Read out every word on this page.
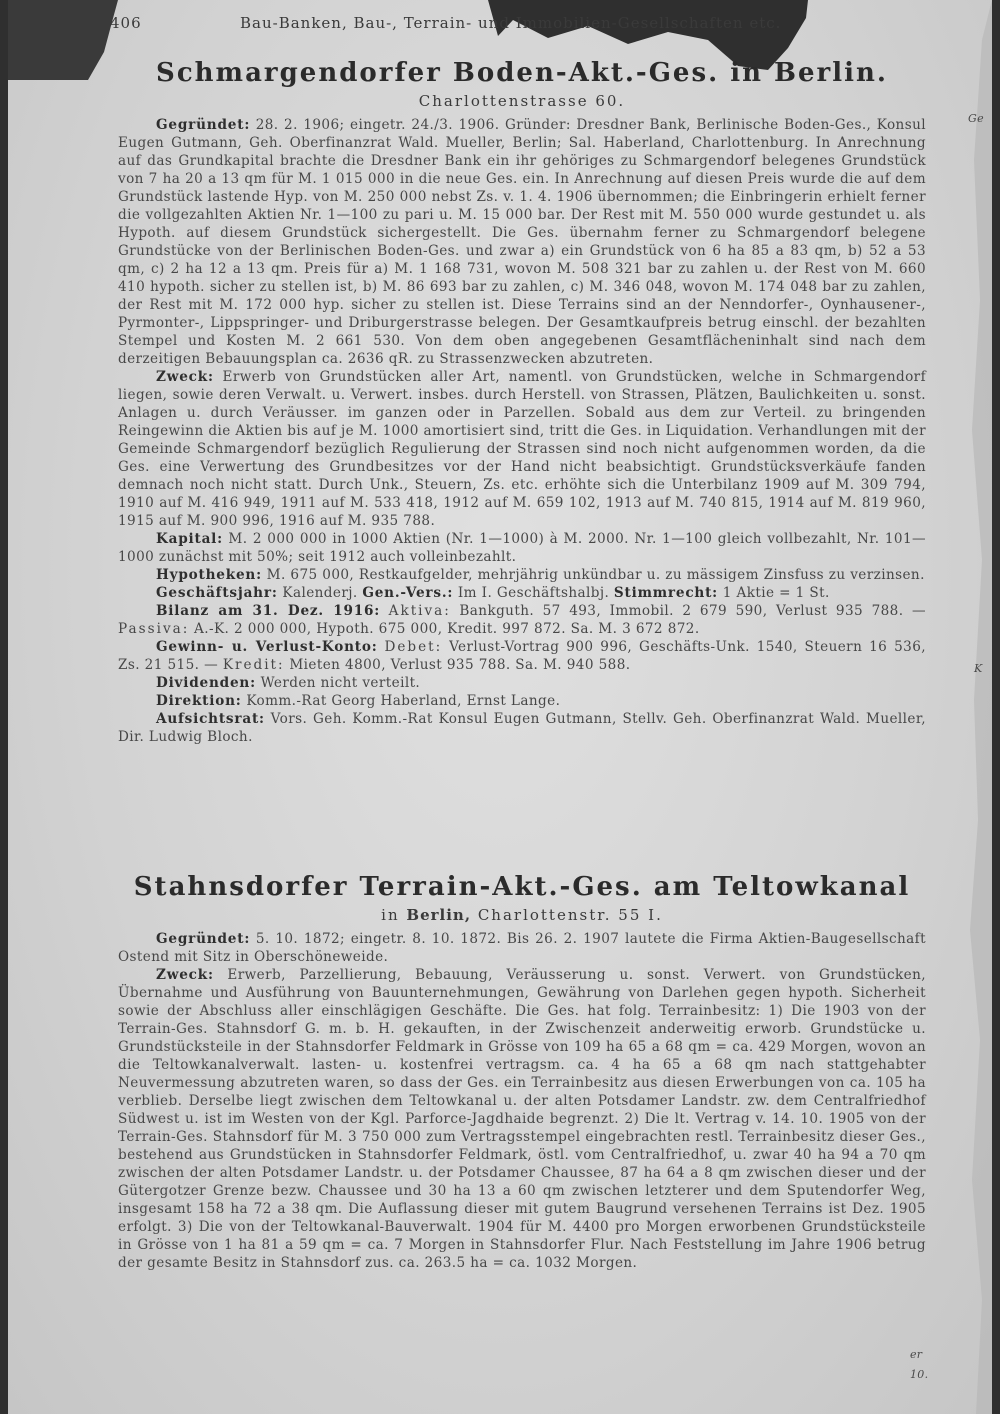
406	Bau-Banken, Bau-, Terrain- und Immobilien-Gesellschaften etc.
Schmargendorfer Boden-Akt.-Ges. in Berlin.
Charlottenstrasse 60.

Gegründet: 28. 2. 1906; eingetr. 24./3. 1906. Gründer: Dresdner Bank, Berlinische Boden-Ges., Konsul Eugen Gutmann, Geh. Oberfinanzrat Wald. Mueller, Berlin; Sal. Haberland, Charlottenburg. In Anrechnung auf das Grundkapital brachte die Dresdner Bank ein ihr gehöriges zu Schmargendorf belegenes Grundstück von 7 ha 20 a 13 qm für M. 1 015 000 in die neue Ges. ein. In Anrechnung auf diesen Preis wurde die auf dem Grundstück lastende Hyp. von M. 250 000 nebst Zs. v. 1. 4. 1906 übernommen; die Einbringerin erhielt ferner die vollgezahlten Aktien Nr. 1—100 zu pari u. M. 15 000 bar. Der Rest mit M. 550 000 wurde gestundet u. als Hypoth. auf diesem Grundstück sichergestellt. Die Ges. übernahm ferner zu Schmargendorf belegene Grundstücke von der Berlinischen Boden-Ges. und zwar a) ein Grundstück von 6 ha 85 a 83 qm, b) 52 a 53 qm, c) 2 ha 12 a 13 qm. Preis für a) M. 1 168 731, wovon M. 508 321 bar zu zahlen u. der Rest von M. 660 410 hypoth. sicher zu stellen ist, b) M. 86 693 bar zu zahlen, c) M. 346 048, wovon M. 174 048 bar zu zahlen, der Rest mit M. 172 000 hyp. sicher zu stellen ist. Diese Terrains sind an der Nenndorfer-, Oynhausener-, Pyrmonter-, Lippspringer- und Driburgerstrasse belegen. Der Gesamtkaufpreis betrug einschl. der bezahlten Stempel und Kosten M. 2 661 530. Von dem oben angegebenen Gesamtflächeninhalt sind nach dem derzeitigen Bebauungsplan ca. 2636 qR. zu Strassenzwecken abzutreten.

Zweck: Erwerb von Grundstücken aller Art, namentl. von Grundstücken, welche in Schmargendorf liegen, sowie deren Verwalt. u. Verwert. insbes. durch Herstell. von Strassen, Plätzen, Baulichkeiten u. sonst. Anlagen u. durch Veräusser. im ganzen oder in Parzellen. Sobald aus dem zur Verteil. zu bringenden Reingewinn die Aktien bis auf je M. 1000 amortisiert sind, tritt die Ges. in Liquidation. Verhandlungen mit der Gemeinde Schmargendorf bezüglich Regulierung der Strassen sind noch nicht aufgenommen worden, da die Ges. eine Verwertung des Grundbesitzes vor der Hand nicht beabsichtigt. Grundstücksverkäufe fanden demnach noch nicht statt. Durch Unk., Steuern, Zs. etc. erhöhte sich die Unterbilanz 1909 auf M. 309 794, 1910 auf M. 416 949, 1911 auf M. 533 418, 1912 auf M. 659 102, 1913 auf M. 740 815, 1914 auf M. 819 960, 1915 auf M. 900 996, 1916 auf M. 935 788.

Kapital: M. 2 000 000 in 1000 Aktien (Nr. 1—1000) à M. 2000. Nr. 1—100 gleich vollbezahlt, Nr. 101—1000 zunächst mit 50%; seit 1912 auch volleinbezahlt.

Hypotheken: M. 675 000, Restkaufgelder, mehrjährig unkündbar u. zu mässigem Zinsfuss zu verzinsen.

Geschäftsjahr: Kalenderj. Gen.-Vers.: Im I. Geschäftshalbj. Stimmrecht: 1 Aktie = 1 St.

Bilanz am 31. Dez. 1916: Aktiva: Bankguth. 57 493, Immobil. 2 679 590, Verlust 935 788. — Passiva: A.-K. 2 000 000, Hypoth. 675 000, Kredit. 997 872. Sa. M. 3 672 872.

Gewinn- u. Verlust-Konto: Debet: Verlust-Vortrag 900 996, Geschäfts-Unk. 1540, Steuern 16 536, Zs. 21 515. — Kredit: Mieten 4800, Verlust 935 788. Sa. M. 940 588.

Dividenden: Werden nicht verteilt.

Direktion: Komm.-Rat Georg Haberland, Ernst Lange.

Aufsichtsrat: Vors. Geh. Komm.-Rat Konsul Eugen Gutmann, Stellv. Geh. Oberfinanzrat Wald. Mueller, Dir. Ludwig Bloch.

Stahnsdorfer Terrain-Akt.-Ges. am Teltowkanal
in Berlin, Charlottenstr. 55 I.

Gegründet: 5. 10. 1872; eingetr. 8. 10. 1872. Bis 26. 2. 1907 lautete die Firma Aktien-Baugesellschaft Ostend mit Sitz in Oberschöneweide.

Zweck: Erwerb, Parzellierung, Bebauung, Veräusserung u. sonst. Verwert. von Grundstücken, Übernahme und Ausführung von Bauunternehmungen, Gewährung von Darlehen gegen hypoth. Sicherheit sowie der Abschluss aller einschlägigen Geschäfte. Die Ges. hat folg. Terrainbesitz: 1) Die 1903 von der Terrain-Ges. Stahnsdorf G. m. b. H. gekauften, in der Zwischenzeit anderweitig erworb. Grundstücke u. Grundstücksteile in der Stahnsdorfer Feldmark in Grösse von 109 ha 65 a 68 qm = ca. 429 Morgen, wovon an die Teltowkanalverwalt. lasten- u. kostenfrei vertragsm. ca. 4 ha 65 a 68 qm nach stattgehabter Neuvermessung abzutreten waren, so dass der Ges. ein Terrainbesitz aus diesen Erwerbungen von ca. 105 ha verblieb. Derselbe liegt zwischen dem Teltowkanal u. der alten Potsdamer Landstr. zw. dem Centralfriedhof Südwest u. ist im Westen von der Kgl. Parforce-Jagdhaide begrenzt. 2) Die lt. Vertrag v. 14. 10. 1905 von der Terrain-Ges. Stahnsdorf für M. 3 750 000 zum Vertragsstempel eingebrachten restl. Terrainbesitz dieser Ges., bestehend aus Grundstücken in Stahnsdorfer Feldmark, östl. vom Centralfriedhof, u. zwar 40 ha 94 a 70 qm zwischen der alten Potsdamer Landstr. u. der Potsdamer Chaussee, 87 ha 64 a 8 qm zwischen dieser und der Gütergotzer Grenze bezw. Chaussee und 30 ha 13 a 60 qm zwischen letzterer und dem Sputendorfer Weg, insgesamt 158 ha 72 a 38 qm. Die Auflassung dieser mit gutem Baugrund versehenen Terrains ist Dez. 1905 erfolgt. 3) Die von der Teltowkanal-Bauverwalt. 1904 für M. 4400 pro Morgen erworbenen Grundstücksteile in Grösse von 1 ha 81 a 59 qm = ca. 7 Morgen in Stahnsdorfer Flur. Nach Feststellung im Jahre 1906 betrug der gesamte Besitz in Stahnsdorf zus. ca. 263.5 ha = ca. 1032 Morgen.

Ge
K
er
10.
